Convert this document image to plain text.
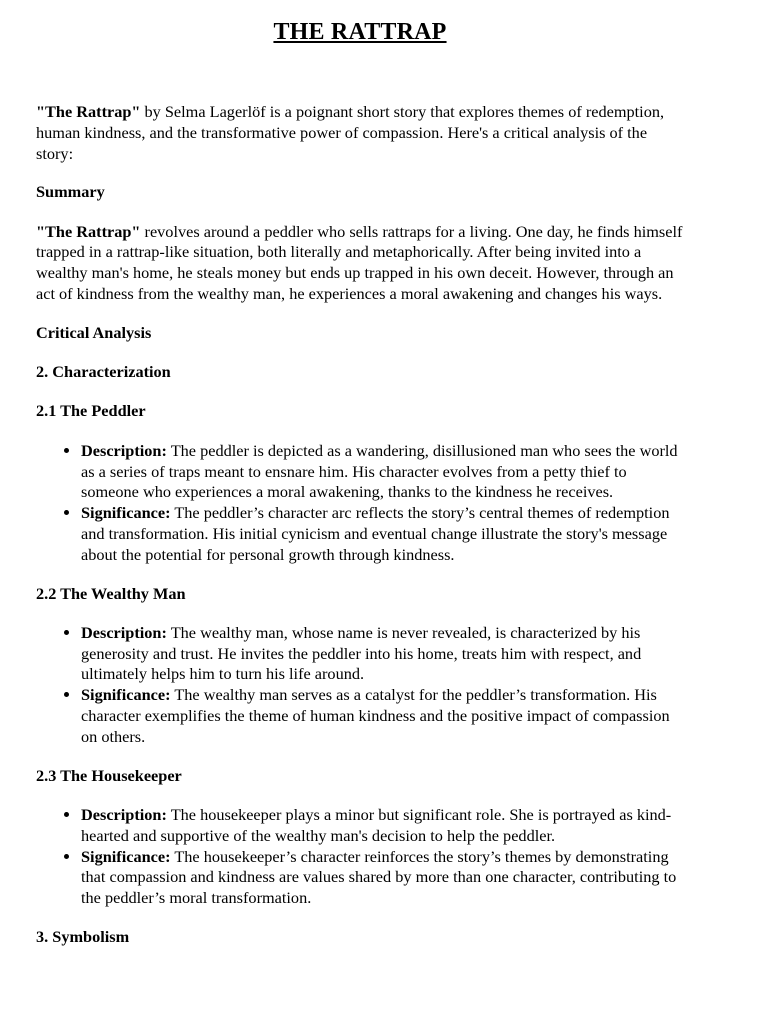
THE RATTRAP

"The Rattrap" by Selma Lagerlöf is a poignant short story that explores themes of redemption, human kindness, and the transformative power of compassion. Here's a critical analysis of the story:

Summary

"The Rattrap" revolves around a peddler who sells rattraps for a living. One day, he finds himself trapped in a rattrap-like situation, both literally and metaphorically. After being invited into a wealthy man's home, he steals money but ends up trapped in his own deceit. However, through an act of kindness from the wealthy man, he experiences a moral awakening and changes his ways.

Critical Analysis

2. Characterization

2.1 The Peddler

• Description: The peddler is depicted as a wandering, disillusioned man who sees the world as a series of traps meant to ensnare him. His character evolves from a petty thief to someone who experiences a moral awakening, thanks to the kindness he receives.
• Significance: The peddler’s character arc reflects the story’s central themes of redemption and transformation. His initial cynicism and eventual change illustrate the story's message about the potential for personal growth through kindness.

2.2 The Wealthy Man

• Description: The wealthy man, whose name is never revealed, is characterized by his generosity and trust. He invites the peddler into his home, treats him with respect, and ultimately helps him to turn his life around.
• Significance: The wealthy man serves as a catalyst for the peddler’s transformation. His character exemplifies the theme of human kindness and the positive impact of compassion on others.

2.3 The Housekeeper

• Description: The housekeeper plays a minor but significant role. She is portrayed as kind-hearted and supportive of the wealthy man's decision to help the peddler.
• Significance: The housekeeper’s character reinforces the story’s themes by demonstrating that compassion and kindness are values shared by more than one character, contributing to the peddler’s moral transformation.

3. Symbolism
